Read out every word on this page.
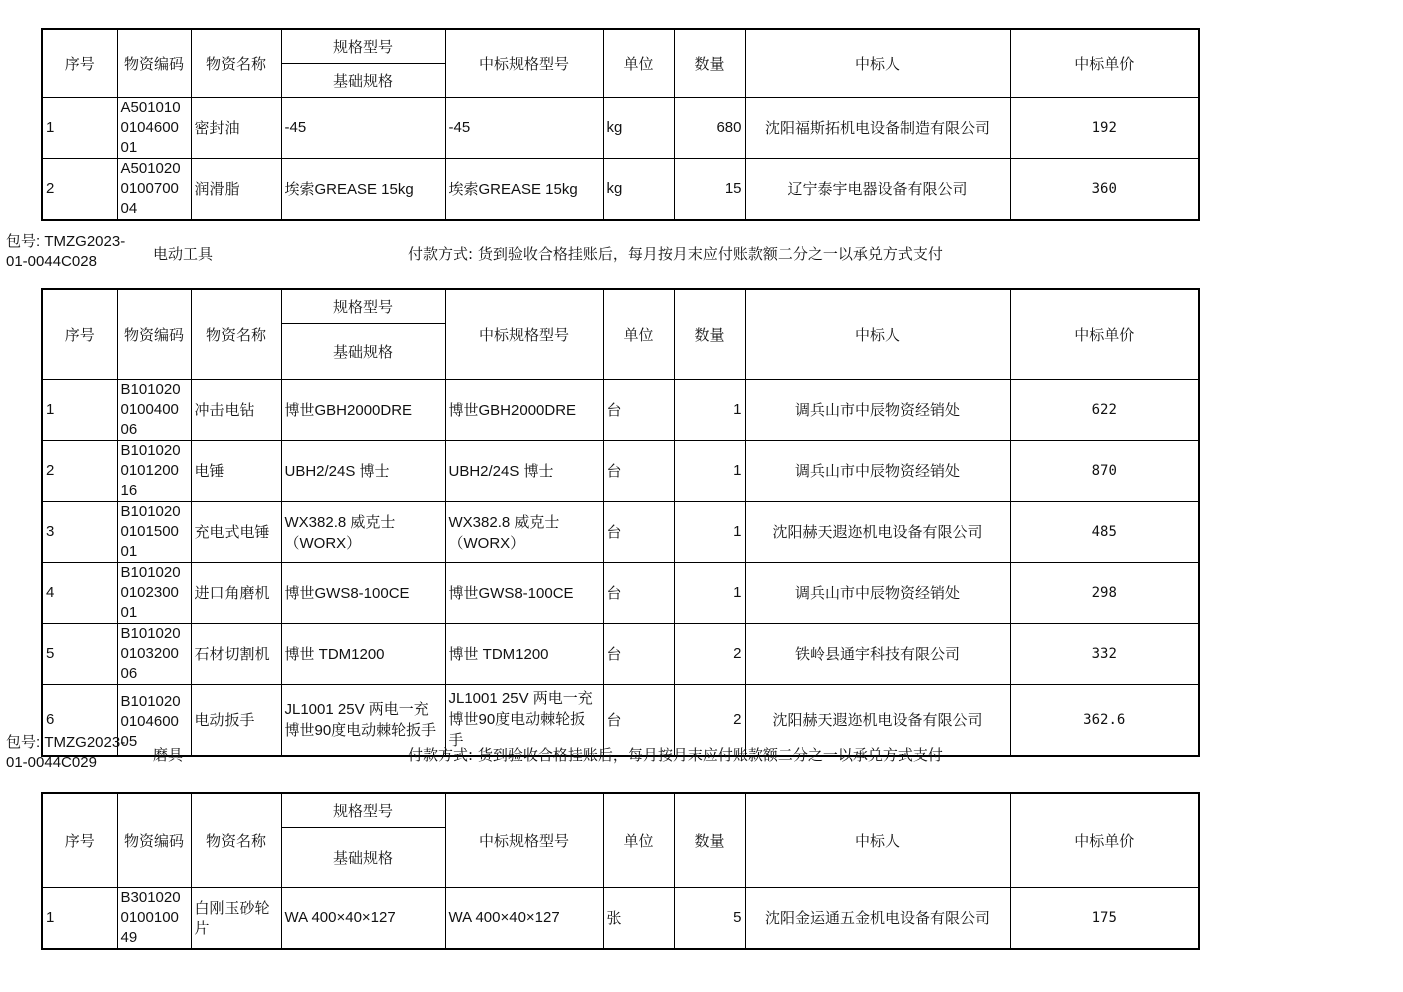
序号	物资编码	物资名称	规格型号	中标规格型号	单位	数量	中标人	中标单价
			基础规格					
1	A5010100104600 01	密封油	-45	-45	kg	680	沈阳福斯拓机电设备制造有限公司	192
2	A5010200100700 04	润滑脂	埃索GREASE 15kg	埃索GREASE 15kg	kg	15	辽宁泰宇电器设备有限公司	360
包号: TMZG2023-01-0044C028	电动工具	付款方式: 货到验收合格挂账后，每月按月末应付账款额二分之一以承兑方式支付
序号	物资编码	物资名称	规格型号	中标规格型号	单位	数量	中标人	中标单价
			基础规格					
1	B1010200100400 06	冲击电钻	博世GBH2000DRE	博世GBH2000DRE	台	1	调兵山市中辰物资经销处	622
2	B1010200101200 16	电锤	UBH2/24S 博士	UBH2/24S 博士	台	1	调兵山市中辰物资经销处	870
3	B1010200101500 01	充电式电锤	WX382.8 威克士（WORX）	WX382.8 威克士（WORX）	台	1	沈阳赫天遐迩机电设备有限公司	485
4	B1010200102300 01	进口角磨机	博世GWS8-100CE	博世GWS8-100CE	台	1	调兵山市中辰物资经销处	298
5	B1010200103200 06	石材切割机	博世 TDM1200	博世 TDM1200	台	2	铁岭县通宇科技有限公司	332
6	B1010200104600 05	电动扳手	JL1001 25V 两电一充博世90度电动棘轮扳手	JL1001 25V 两电一充博世90度电动棘轮扳手	台	2	沈阳赫天遐迩机电设备有限公司	362.6
包号: TMZG2023-01-0044C029	磨具	付款方式: 货到验收合格挂账后，每月按月末应付账款额二分之一以承兑方式支付
序号	物资编码	物资名称	规格型号	中标规格型号	单位	数量	中标人	中标单价
			基础规格					
1	B3010200100100 49	白刚玉砂轮片	WA 400×40×127	WA 400×40×127	张	5	沈阳金运通五金机电设备有限公司	175
